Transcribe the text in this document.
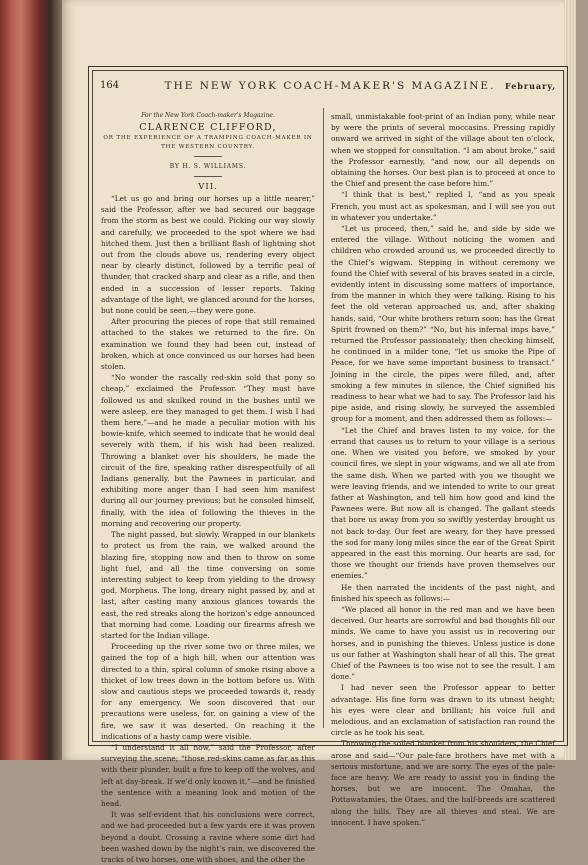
164	THE NEW YORK COACH-MAKER'S MAGAZINE.	February,

For the New York Coach-maker's Magazine.

CLARENCE CLIFFORD,

OR THE EXPERIENCE OF A TRAMPING COACH-MAKER IN THE WESTERN COUNTRY.

BY H. S. WILLIAMS.

VII.

“Let us go and bring our horses up a little nearer,” said the Professor, after we had secured our baggage from the storm as best we could. Picking our way slowly and carefully, we proceeded to the spot where we had hitched them. Just then a brilliant flash of lightning shot out from the clouds above us, rendering every object near by clearly distinct, followed by a terrific peal of thunder, that cracked sharp and clear as a rifle, and then ended in a succession of lesser reports. Taking advantage of the light, we glanced around for the horses, but none could be seen,—they were gone.

After procuring the pieces of rope that still remained attached to the stakes we returned to the fire. On examination we found they had been cut, instead of broken, which at once convinced us our horses had been stolen.

“No wonder the rascally red-skin sold that pony so cheap,” exclaimed the Professor. “They must have followed us and skulked round in the bushes until we were asleep, ere they managed to get them. I wish I had them here,”—and he made a peculiar motion with his bowie-knife, which seemed to indicate that he would deal severely with them, if his wish had been realized. Throwing a blanket over his shoulders, he made the circuit of the fire, speaking rather disrespectfully of all Indians generally, but the Pawnees in particular, and exhibiting more anger than I had seen him manifest during all our journey previous; but he consoled himself, finally, with the idea of following the thieves in the morning and recovering our property.

The night passed, but slowly. Wrapped in our blankets to protect us from the rain, we walked around the blazing fire, stopping now and then to throw on some light fuel, and all the time conversing on some interesting subject to keep from yielding to the drowsy god, Morpheus. The long, dreary night passed by, and at last, after casting many anxious glances towards the east, the red streaks along the horizon’s edge announced that morning had come. Loading our firearms afresh we started for the Indian village.

Proceeding up the river some two or three miles, we gained the top of a high hill, when our attention was directed to a thin, spiral column of smoke rising above a thicket of low trees down in the bottom before us. With slow and cautious steps we proceeded towards it, ready for any emergency. We soon discovered that our precautions were useless, for, on gaining a view of the fire, we saw it was deserted. On reaching it the indications of a hasty camp were visible.

“I understand it all now,” said the Professor, after surveying the scene; “those red-skins came as far as this with their plunder, built a fire to keep off the wolves, and left at day-break. If we’d only known it,”—and he finished the sentence with a meaning look and motion of the head.

It was self-evident that his conclusions were correct, and we had proceeded but a few yards ere it was proven beyond a doubt. Crossing a ravine where some dirt had been washed down by the night’s rain, we discovered the tracks of two horses, one with shoes, and the other the

small, unmistakable foot-print of an Indian pony, while near by were the prints of several moccasins. Pressing rapidly onward we arrived in sight of the village about ten o’clock, when we stopped for consultation. “I am about broke,” said the Professor earnestly, “and now, our all depends on obtaining the horses. Our best plan is to proceed at once to the Chief and present the case before him.”

“I think that is best,” replied I, “and as you speak French, you must act as spokesman, and I will see you out in whatever you undertake.”

“Let us proceed, then,” said he, and side by side we entered the village. Without noticing the women and children who crowded around us, we proceeded directly to the Chief’s wigwam. Stepping in without ceremony we found the Chief with several of his braves seated in a circle, evidently intent in discussing some matters of importance, from the manner in which they were talking. Rising to his feet the old veteran approached us, and, after shaking hands, said, “Our white brothers return soon; has the Great Spirit frowned on them?” “No, but his infernal imps have,” returned the Professor passionately; then checking himself, he continued in a milder tone, “let us smoke the Pipe of Peace, for we have some important business to transact.” Joining in the circle, the pipes were filled, and, after smoking a few minutes in silence, the Chief signified his readiness to hear what we had to say. The Professor laid his pipe aside, and rising slowly, he surveyed the assembled group for a moment, and then addressed them as follows:—

“Let the Chief and braves listen to my voice, for the errand that causes us to return to your village is a serious one. When we visited you before, we smoked by your council fires, we slept in your wigwams, and we all ate from the same dish. When we parted with you we thought we were leaving friends, and we intended to write to our great father at Washington, and tell him how good and kind the Pawnees were. But now all is changed. The gallant steeds that bore us away from you so swiftly yesterday brought us not back to-day. Our feet are weary, for they have pressed the sod for many long miles since the ear of the Great Spirit appeared in the east this morning. Our hearts are sad, for those we thought our friends have proven themselves our enemies.”

He then narrated the incidents of the past night, and finished his speech as follows:—

“We placed all honor in the red man and we have been deceived. Our hearts are sorrowful and bad thoughts fill our minds. We came to have you assist us in recovering our horses, and in punishing the thieves. Unless justice is done us our father at Washington shall hear of all this. The great Chief of the Pawnees is too wise not to see the result. I am done.”

I had never seen the Professor appear to better advantage. His fine form was drawn to its utmost height; his eyes were clear and brilliant; his voice full and melodious, and an exclamation of satisfaction ran round the circle as he took his seat.

Throwing the soiled blanket from his shoulders, the Chief arose and said—“Our pale-face brothers have met with a serious misfortune, and we are sorry. The eyes of the pale-face are heavy. We are ready to assist you in finding the horses, but we are innocent. The Omahas, the Pottawatamies, the Otaes, and the half-breeds are scattered along the hills. They are all thieves and steal. We are innocent. I have spoken.”
